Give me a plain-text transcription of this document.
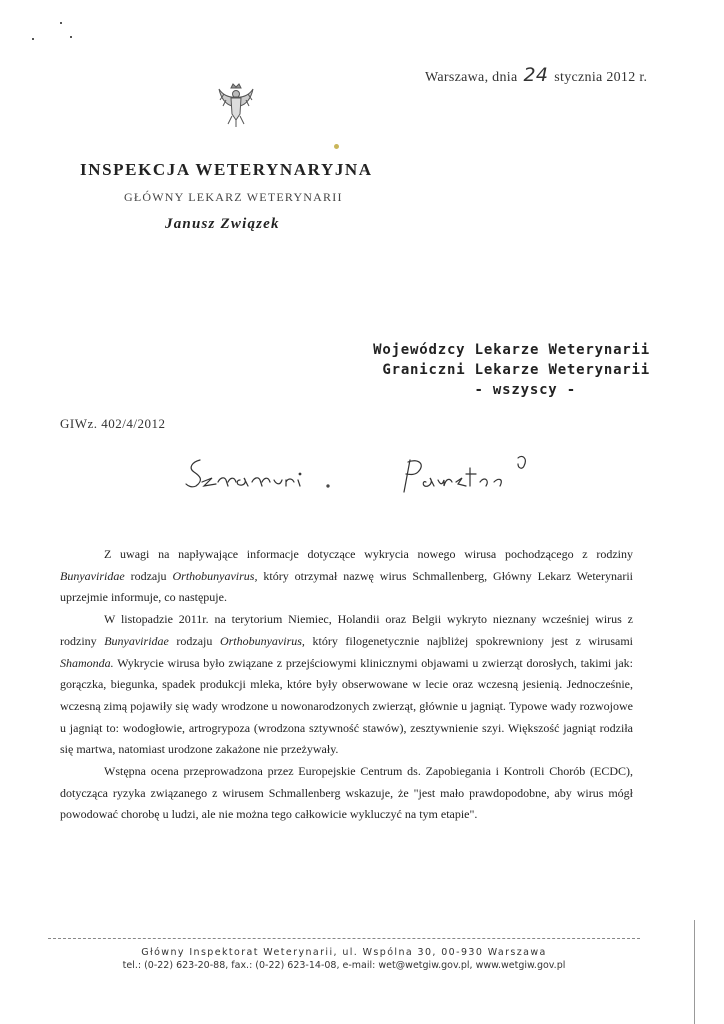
Warszawa, dnia 24 stycznia 2012 r.
INSPEKCJA WETERYNARYJNA
GŁÓWNY LEKARZ WETERYNARII
Janusz Związek
Wojewódzcy Lekarze Weterynarii
Graniczni Lekarze Weterynarii
- wszyscy -
GIWz. 402/4/2012

Z uwagi na napływające informacje dotyczące wykrycia nowego wirusa pochodzącego z rodziny Bunyaviridae rodzaju Orthobunyavirus, który otrzymał nazwę wirus Schmallenberg, Główny Lekarz Weterynarii uprzejmie informuje, co następuje.

W listopadzie 2011r. na terytorium Niemiec, Holandii oraz Belgii wykryto nieznany wcześniej wirus z rodziny Bunyaviridae rodzaju Orthobunyavirus, który filogenetycznie najbliżej spokrewniony jest z wirusami Shamonda. Wykrycie wirusa było związane z przejściowymi klinicznymi objawami u zwierząt dorosłych, takimi jak: gorączka, biegunka, spadek produkcji mleka, które były obserwowane w lecie oraz wczesną jesienią. Jednocześnie, wczesną zimą pojawiły się wady wrodzone u nowonarodzonych zwierząt, głównie u jagniąt. Typowe wady rozwojowe u jagniąt to: wodogłowie, artrogrypoza (wrodzona sztywność stawów), zesztywnienie szyi. Większość jagniąt rodziła się martwa, natomiast urodzone zakażone nie przeżywały.

Wstępna ocena przeprowadzona przez Europejskie Centrum ds. Zapobiegania i Kontroli Chorób (ECDC), dotycząca ryzyka związanego z wirusem Schmallenberg wskazuje, że "jest mało prawdopodobne, aby wirus mógł powodować chorobę u ludzi, ale nie można tego całkowicie wykluczyć na tym etapie".

Główny Inspektorat Weterynarii, ul. Wspólna 30, 00-930 Warszawa
tel.: (0-22) 623-20-88, fax.: (0-22) 623-14-08, e-mail: wet@wetgiw.gov.pl, www.wetgiw.gov.pl
